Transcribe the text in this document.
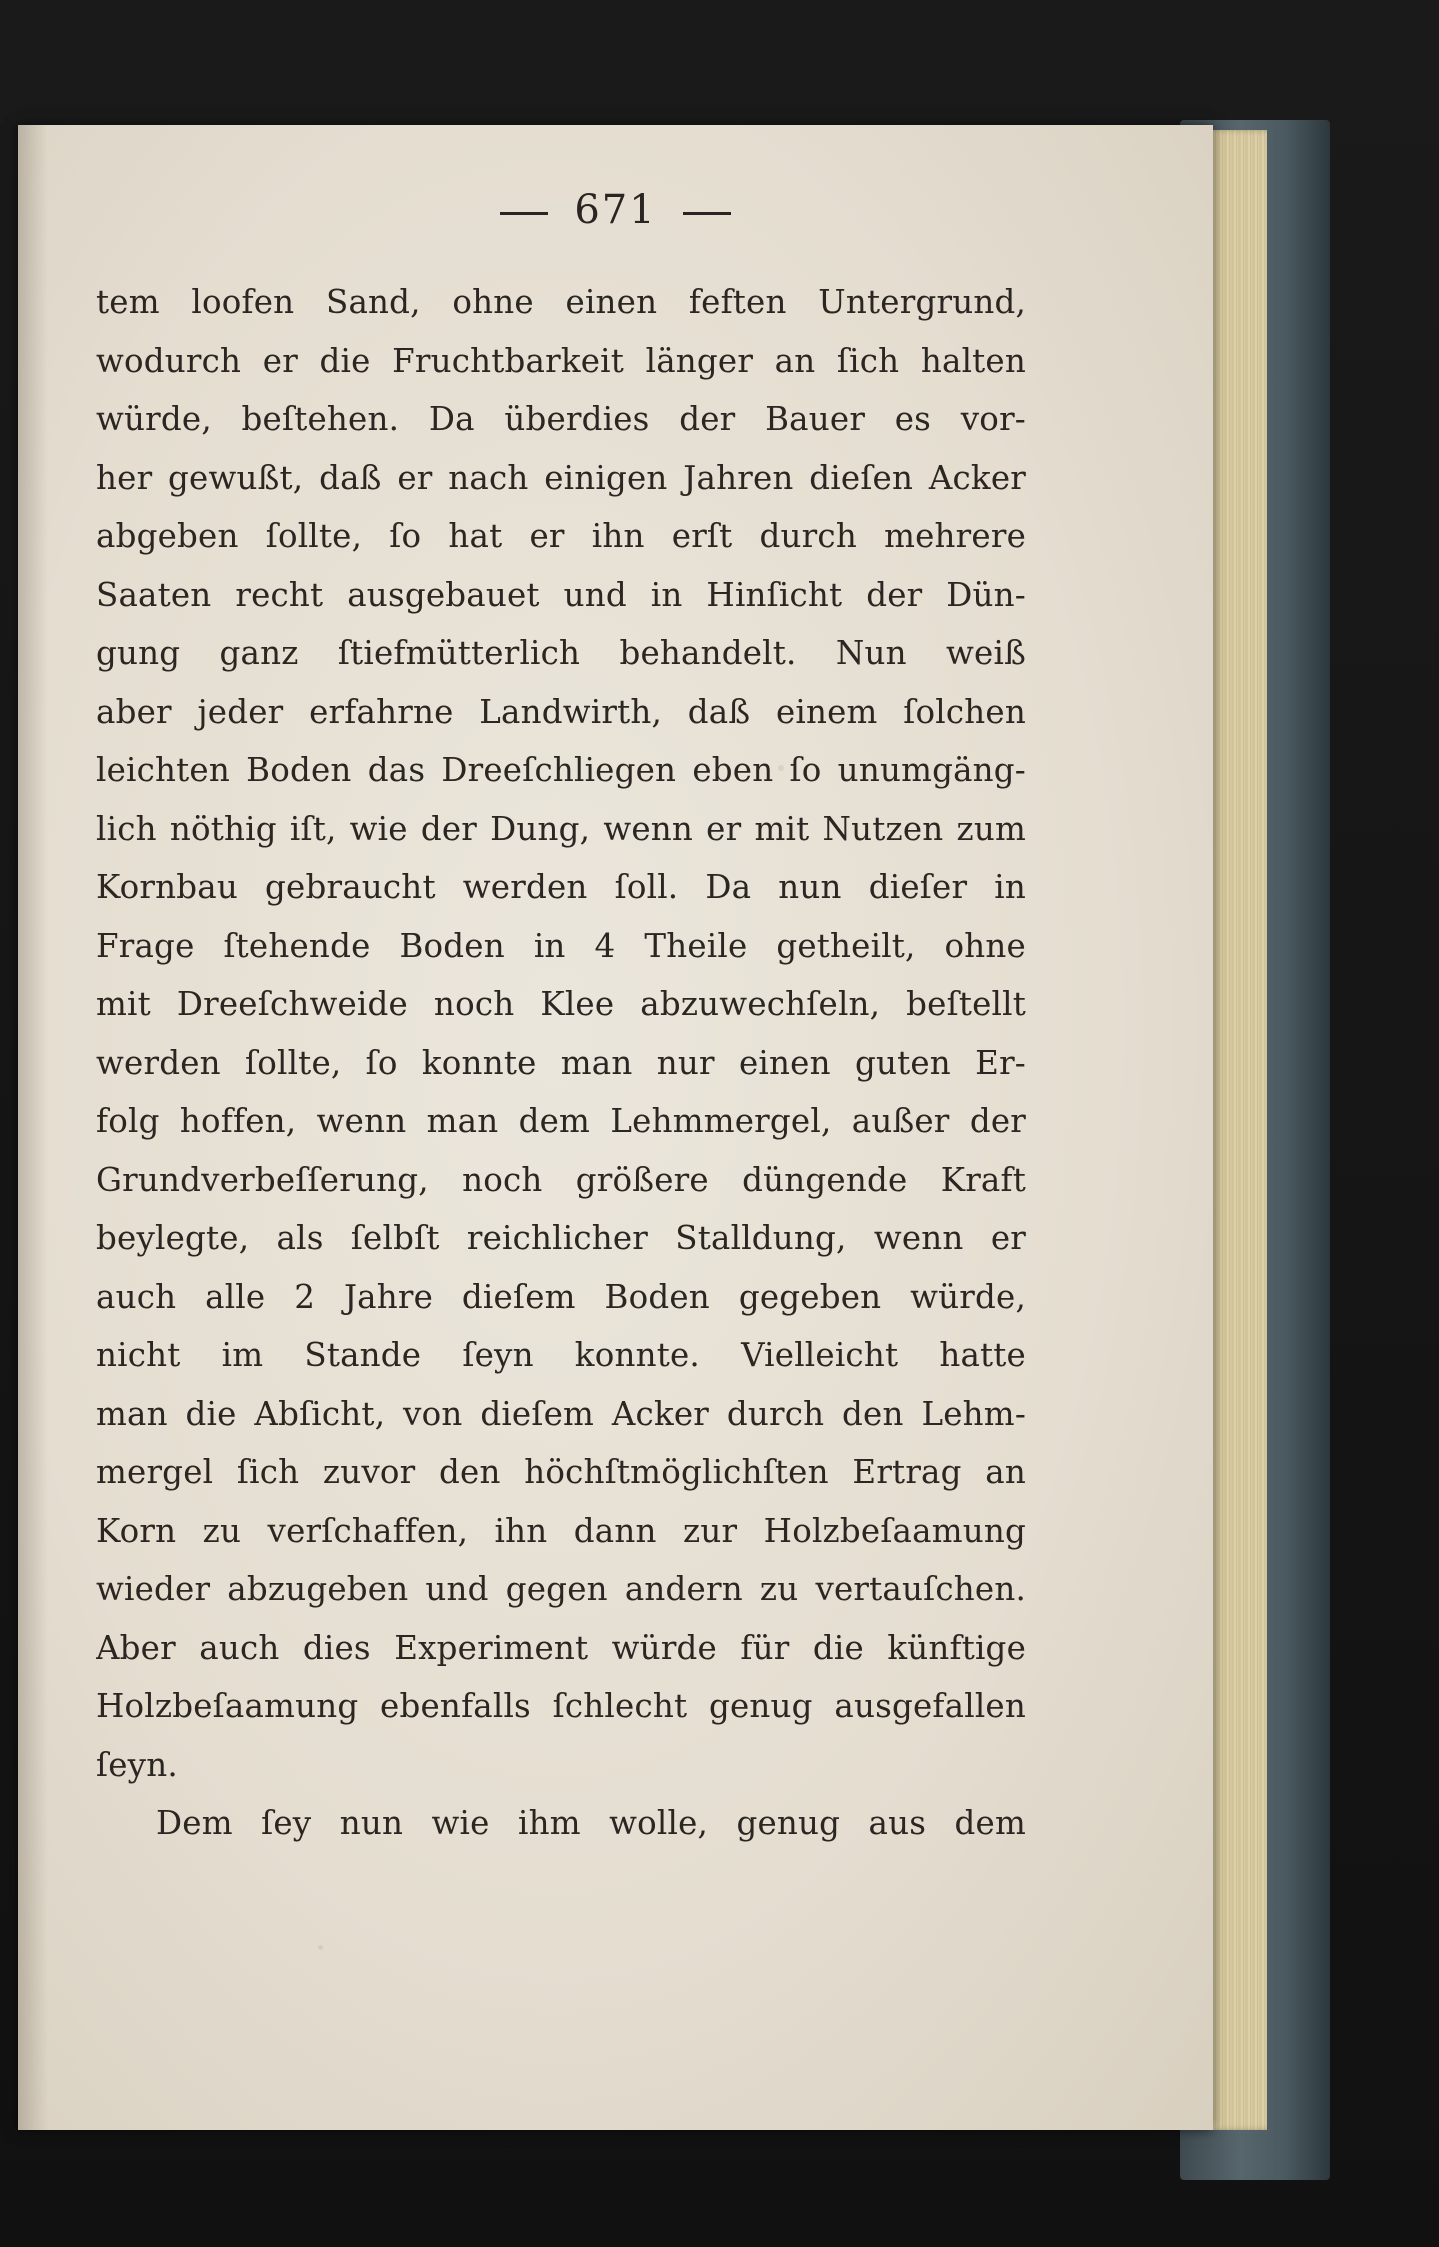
671
tem loofen Sand, ohne einen feften Untergrund,
wodurch er die Fruchtbarkeit länger an ſich halten
würde, beſtehen. Da überdies der Bauer es vor-
her gewußt, daß er nach einigen Jahren dieſen Acker
abgeben ſollte, ſo hat er ihn erſt durch mehrere
Saaten recht ausgebauet und in Hinſicht der Dün-
gung ganz ſtiefmütterlich behandelt. Nun weiß
aber jeder erfahrne Landwirth, daß einem ſolchen
leichten Boden das Dreeſchliegen eben ſo unumgäng-
lich nöthig iſt, wie der Dung, wenn er mit Nutzen zum
Kornbau gebraucht werden ſoll. Da nun dieſer in
Frage ſtehende Boden in 4 Theile getheilt, ohne
mit Dreeſchweide noch Klee abzuwechſeln, beſtellt
werden ſollte, ſo konnte man nur einen guten Er-
folg hoffen, wenn man dem Lehmmergel, außer der
Grundverbeſſerung, noch größere düngende Kraft
beylegte, als ſelbſt reichlicher Stalldung, wenn er
auch alle 2 Jahre dieſem Boden gegeben würde,
nicht im Stande ſeyn konnte. Vielleicht hatte
man die Abſicht, von dieſem Acker durch den Lehm-
mergel ſich zuvor den höchſtmöglichſten Ertrag an
Korn zu verſchaffen, ihn dann zur Holzbeſaamung
wieder abzugeben und gegen andern zu vertauſchen.
Aber auch dies Experiment würde für die künftige
Holzbeſaamung ebenfalls ſchlecht genug ausgefallen
ſeyn.
Dem ſey nun wie ihm wolle, genug aus dem
